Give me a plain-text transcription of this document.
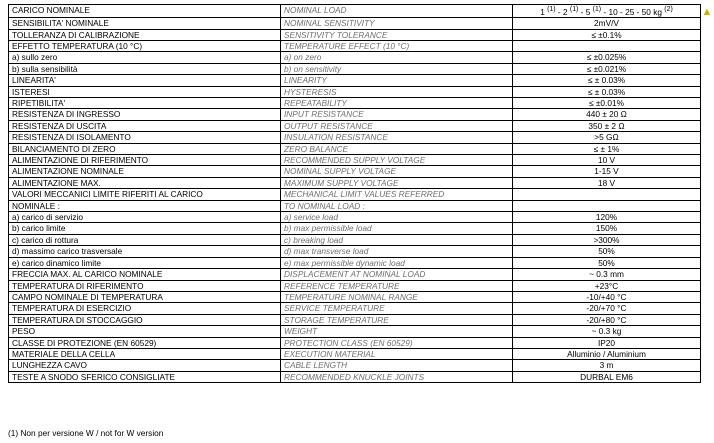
CARICO NOMINALE	NOMINAL LOAD	1 $^{(1)}$ - 2 $^{(1)}$ - 5 $^{(1)}$ - 10 - 25 - 50 kg $^{(2)}$
SENSIBILITA' NOMINALE	NOMINAL SENSITIVITY	2mV/V
TOLLERANZA DI CALIBRAZIONE	SENSITIVITY TOLERANCE	≤ ±0.1%
EFFETTO TEMPERATURA (10 °C)	TEMPERATURE EFFECT (10 °C)	
a) sullo zero	a) on zero	≤ ±0.025%
b) sulla sensibilità	b) on sensitivity	≤ ±0.021%
LINEARITA'	LINEARITY	≤ ± 0.03%
ISTERESI	HYSTERESIS	≤ ± 0.03%
RIPETIBILITA'	REPEATABILITY	≤ ±0.01%
RESISTENZA DI INGRESSO	INPUT RESISTANCE	440 ± 20 Ω
RESISTENZA DI USCITA	OUTPUT RESISTANCE	350 ± 2 Ω
RESISTENZA DI ISOLAMENTO	INSULATION RESISTANCE	>5 GΩ
BILANCIAMENTO DI ZERO	ZERO BALANCE	≤ ± 1%
ALIMENTAZIONE DI RIFERIMENTO	RECOMMENDED SUPPLY VOLTAGE	10 V
ALIMENTAZIONE NOMINALE	NOMINAL SUPPLY VOLTAGE	1-15 V
ALIMENTAZIONE MAX.	MAXIMUM SUPPLY VOLTAGE	18 V
VALORI MECCANICI LIMITE RIFERITI AL CARICO	MECHANICAL LIMIT VALUES REFERRED	
NOMINALE :	TO NOMINAL LOAD :	
a) carico di servizio	a) service load	120%
b) carico limite	b) max permissible load	150%
c) carico di rottura	c) breaking load	>300%
d) massimo carico trasversale	d) max transverse load	50%
e) carico dinamico limite	e) max permissible dynamic load	50%
FRECCIA MAX. AL CARICO NOMINALE	DISPLACEMENT AT NOMINAL LOAD	~ 0.3 mm
TEMPERATURA DI RIFERIMENTO	REFERENCE TEMPERATURE	+23°C
CAMPO NOMINALE DI TEMPERATURA	TEMPERATURE NOMINAL RANGE	-10/+40 °C
TEMPERATURA DI ESERCIZIO	SERVICE TEMPERATURE	-20/+70 °C
TEMPERATURA DI STOCCAGGIO	STORAGE TEMPERATURE	-20/+80 °C
PESO	WEIGHT	~ 0.3 kg
CLASSE DI PROTEZIONE (EN 60529)	PROTECTION CLASS (EN 60529)	IP20
MATERIALE DELLA CELLA	EXECUTION MATERIAL	Alluminio / Aluminium
LUNGHEZZA CAVO	CABLE LENGTH	3 m
TESTE A SNODO SFERICO CONSIGLIATE	RECOMMENDED KNUCKLE JOINTS	DURBAL EM6
(1) Non per versione W / not for W version
▲
